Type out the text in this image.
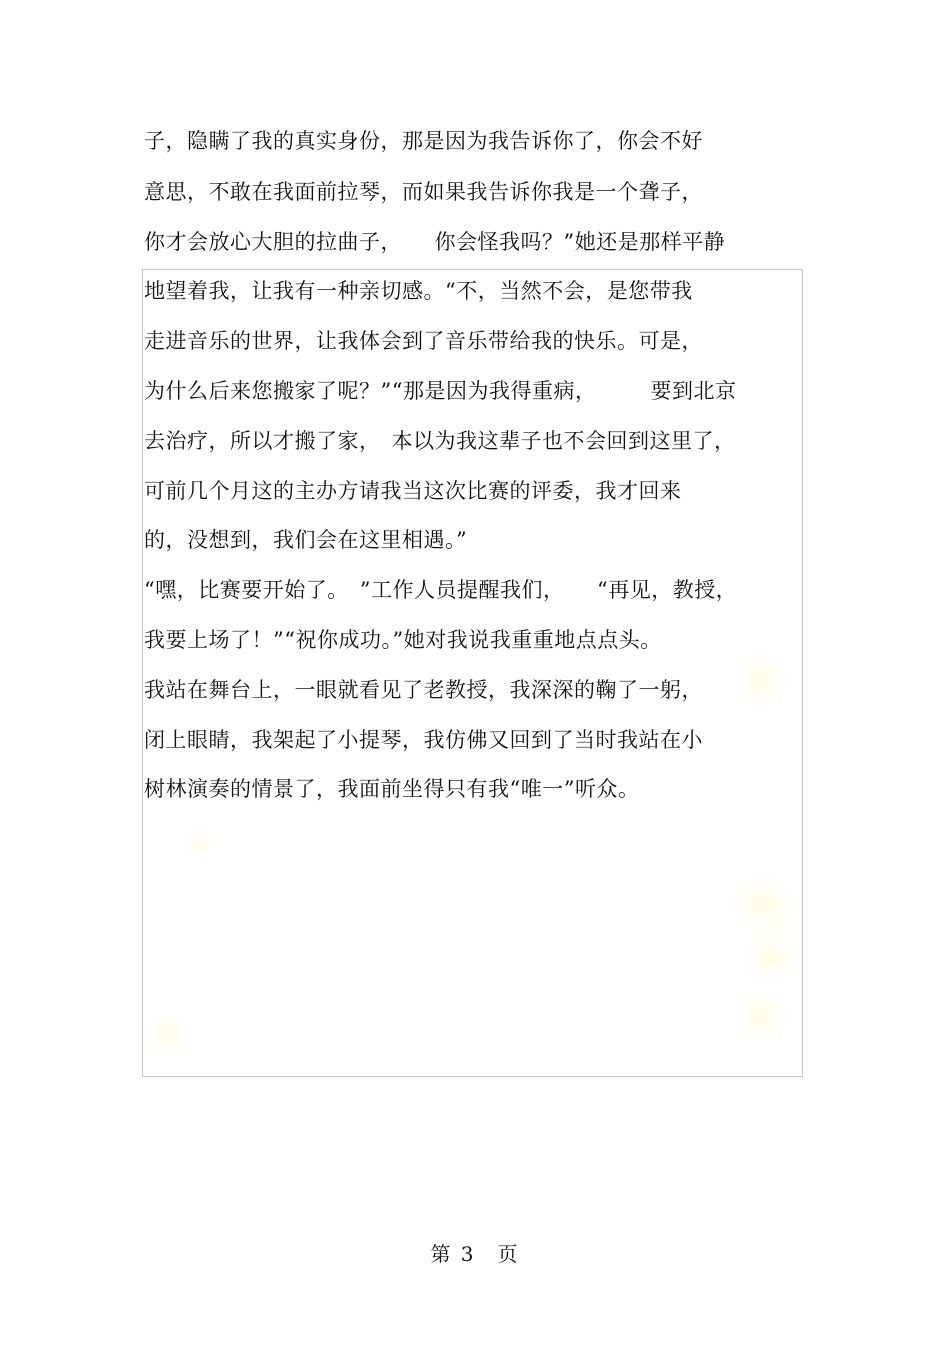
子，隐瞒了我的真实身份，那是因为我告诉你了，你会不好
意思，不敢在我面前拉琴，而如果我告诉你我是一个聋子，
你才会放心大胆的拉曲子，　　你会怪我吗？”她还是那样平静
地望着我，让我有一种亲切感。“不，当然不会，是您带我
走进音乐的世界，让我体会到了音乐带给我的快乐。可是，
为什么后来您搬家了呢？”“那是因为我得重病，　　　要到北京
去治疗，所以才搬了家，　本以为我这辈子也不会回到这里了，
可前几个月这的主办方请我当这次比赛的评委，我才回来
的，没想到，我们会在这里相遇。”
“嘿，比赛要开始了。　”工作人员提醒我们，　　“再见，教授，
我要上场了！”“祝你成功。”她对我说我重重地点点头。
我站在舞台上，一眼就看见了老教授，我深深的鞠了一躬，
闭上眼睛，我架起了小提琴，我仿佛又回到了当时我站在小
树林演奏的情景了，我面前坐得只有我“唯一”听众。
第 3　页
